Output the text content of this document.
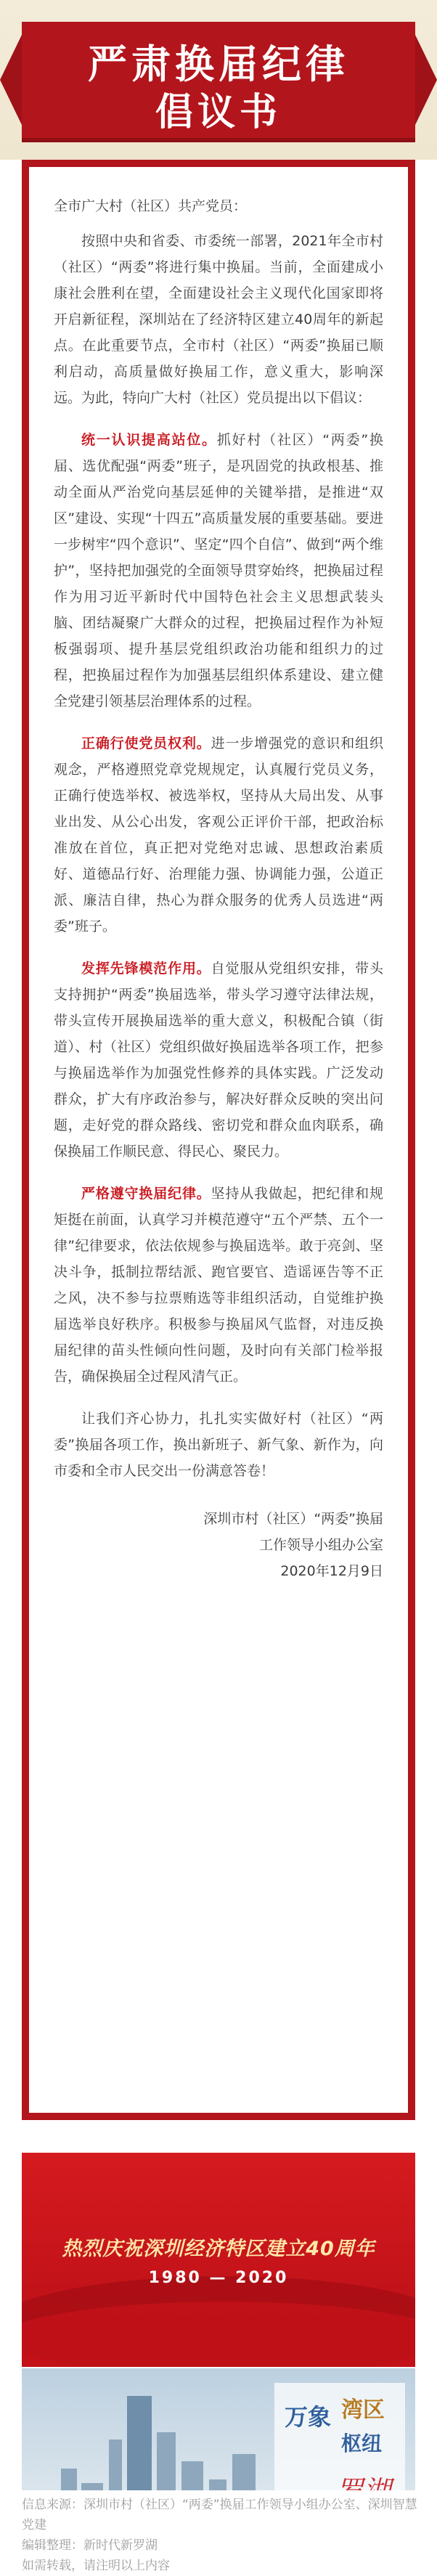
严肃换届纪律
倡议书

全市广大村（社区）共产党员：

按照中央和省委、市委统一部署，2021年全市村（社区）“两委”将进行集中换届。当前，全面建成小康社会胜利在望，全面建设社会主义现代化国家即将开启新征程，深圳站在了经济特区建立40周年的新起点。在此重要节点，全市村（社区）“两委”换届已顺利启动，高质量做好换届工作，意义重大，影响深远。为此，特向广大村（社区）党员提出以下倡议：

统一认识提高站位。抓好村（社区）“两委”换届、选优配强“两委”班子，是巩固党的执政根基、推动全面从严治党向基层延伸的关键举措，是推进“双区”建设、实现“十四五”高质量发展的重要基础。要进一步树牢“四个意识”、坚定“四个自信”、做到“两个维护”，坚持把加强党的全面领导贯穿始终，把换届过程作为用习近平新时代中国特色社会主义思想武装头脑、团结凝聚广大群众的过程，把换届过程作为补短板强弱项、提升基层党组织政治功能和组织力的过程，把换届过程作为加强基层组织体系建设、建立健全党建引领基层治理体系的过程。

正确行使党员权利。进一步增强党的意识和组织观念，严格遵照党章党规规定，认真履行党员义务，正确行使选举权、被选举权，坚持从大局出发、从事业出发、从公心出发，客观公正评价干部，把政治标准放在首位，真正把对党绝对忠诚、思想政治素质好、道德品行好、治理能力强、协调能力强，公道正派、廉洁自律，热心为群众服务的优秀人员选进“两委”班子。

发挥先锋模范作用。自觉服从党组织安排，带头支持拥护“两委”换届选举，带头学习遵守法律法规，带头宣传开展换届选举的重大意义，积极配合镇（街道）、村（社区）党组织做好换届选举各项工作，把参与换届选举作为加强党性修养的具体实践。广泛发动群众，扩大有序政治参与，解决好群众反映的突出问题，走好党的群众路线、密切党和群众血肉联系，确保换届工作顺民意、得民心、聚民力。

严格遵守换届纪律。坚持从我做起，把纪律和规矩挺在前面，认真学习并模范遵守“五个严禁、五个一律”纪律要求，依法依规参与换届选举。敢于亮剑、坚决斗争，抵制拉帮结派、跑官要官、造谣诬告等不正之风，决不参与拉票贿选等非组织活动，自觉维护换届选举良好秩序。积极参与换届风气监督，对违反换届纪律的苗头性倾向性问题，及时向有关部门检举报告，确保换届全过程风清气正。

让我们齐心协力，扎扎实实做好村（社区）“两委”换届各项工作，换出新班子、新气象、新作为，向市委和全市人民交出一份满意答卷！

深圳市村（社区）“两委”换届
工作领导小组办公室
2020年12月9日
热烈庆祝深圳经济特区建立40周年
1980 — 2020
万象 湾区
枢纽
信息来源：深圳市村（社区）“两委”换届工作领导小组办公室、深圳智慧党建
编辑整理：新时代新罗湖
如需转载，请注明以上内容
